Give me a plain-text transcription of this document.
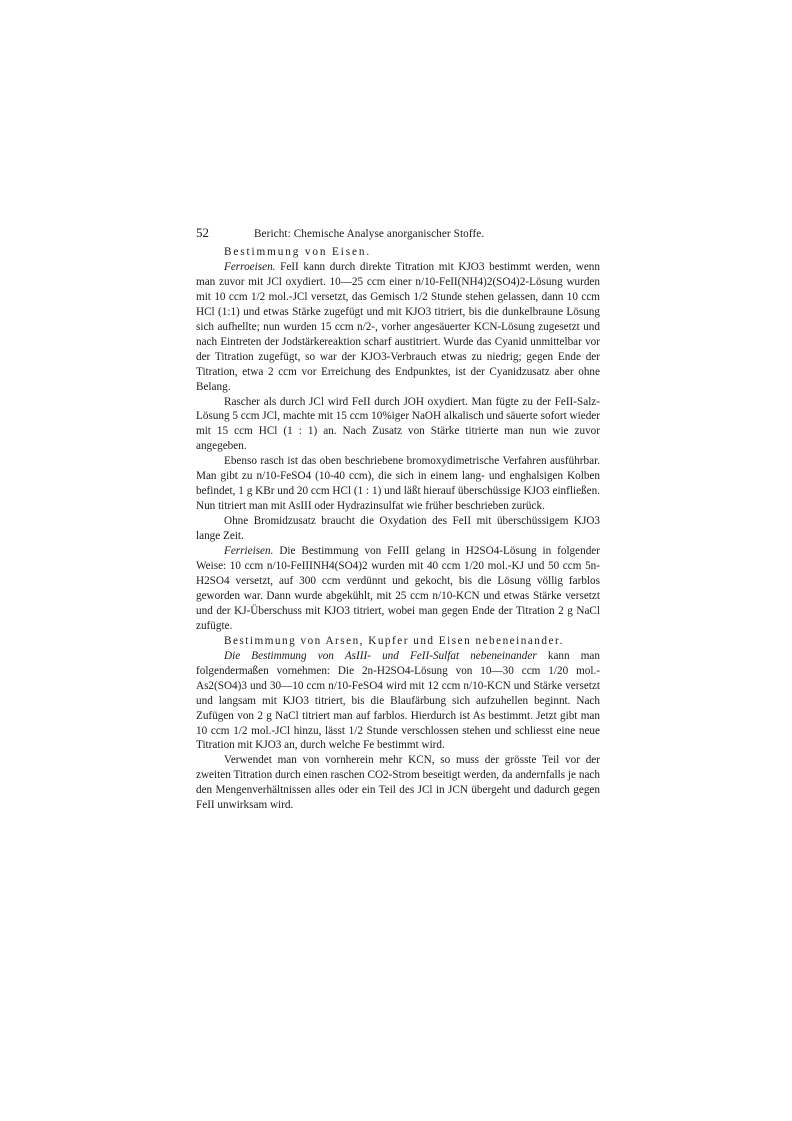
52	Bericht: Chemische Analyse anorganischer Stoffe.

Bestimmung von Eisen.

Ferroeisen. FeII kann durch direkte Titration mit KJO3 bestimmt werden, wenn man zuvor mit JCl oxydiert. 10—25 ccm einer n/10-FeII(NH4)2(SO4)2-Lösung wurden mit 10 ccm 1/2 mol.-JCl versetzt, das Gemisch 1/2 Stunde stehen gelassen, dann 10 ccm HCl (1:1) und etwas Stärke zugefügt und mit KJO3 titriert, bis die dunkelbraune Lösung sich aufhellte; nun wurden 15 ccm n/2-, vorher angesäuerter KCN-Lösung zugesetzt und nach Eintreten der Jodstärkereaktion scharf austitriert. Wurde das Cyanid unmittelbar vor der Titration zugefügt, so war der KJO3-Verbrauch etwas zu niedrig; gegen Ende der Titration, etwa 2 ccm vor Erreichung des Endpunktes, ist der Cyanidzusatz aber ohne Belang.

Rascher als durch JCl wird FeII durch JOH oxydiert. Man fügte zu der FeII-Salz-Lösung 5 ccm JCl, machte mit 15 ccm 10%iger NaOH alkalisch und säuerte sofort wieder mit 15 ccm HCl (1 : 1) an. Nach Zusatz von Stärke titrierte man nun wie zuvor angegeben.

Ebenso rasch ist das oben beschriebene bromoxydimetrische Verfahren ausführbar. Man gibt zu n/10-FeSO4 (10-40 ccm), die sich in einem lang- und enghalsigen Kolben befindet, 1 g KBr und 20 ccm HCl (1 : 1) und läßt hierauf überschüssige KJO3 einfließen. Nun titriert man mit AsIII oder Hydrazinsulfat wie früher beschrieben zurück.

Ohne Bromidzusatz braucht die Oxydation des FeII mit überschüssigem KJO3 lange Zeit.

Ferrieisen. Die Bestimmung von FeIII gelang in H2SO4-Lösung in folgender Weise: 10 ccm n/10-FeIIINH4(SO4)2 wurden mit 40 ccm 1/20 mol.-KJ und 50 ccm 5n-H2SO4 versetzt, auf 300 ccm verdünnt und gekocht, bis die Lösung völlig farblos geworden war. Dann wurde abgekühlt, mit 25 ccm n/10-KCN und etwas Stärke versetzt und der KJ-Überschuss mit KJO3 titriert, wobei man gegen Ende der Titration 2 g NaCl zufügte.

Bestimmung von Arsen, Kupfer und Eisen nebeneinander.

Die Bestimmung von AsIII- und FeII-Sulfat nebeneinander kann man folgendermaßen vornehmen: Die 2n-H2SO4-Lösung von 10—30 ccm 1/20 mol.-As2(SO4)3 und 30—10 ccm n/10-FeSO4 wird mit 12 ccm n/10-KCN und Stärke versetzt und langsam mit KJO3 titriert, bis die Blaufärbung sich aufzuhellen beginnt. Nach Zufügen von 2 g NaCl titriert man auf farblos. Hierdurch ist As bestimmt. Jetzt gibt man 10 ccm 1/2 mol.-JCl hinzu, lässt 1/2 Stunde verschlossen stehen und schliesst eine neue Titration mit KJO3 an, durch welche Fe bestimmt wird.

Verwendet man von vornherein mehr KCN, so muss der grösste Teil vor der zweiten Titration durch einen raschen CO2-Strom beseitigt werden, da andernfalls je nach den Mengenverhältnissen alles oder ein Teil des JCl in JCN übergeht und dadurch gegen FeII unwirksam wird.
